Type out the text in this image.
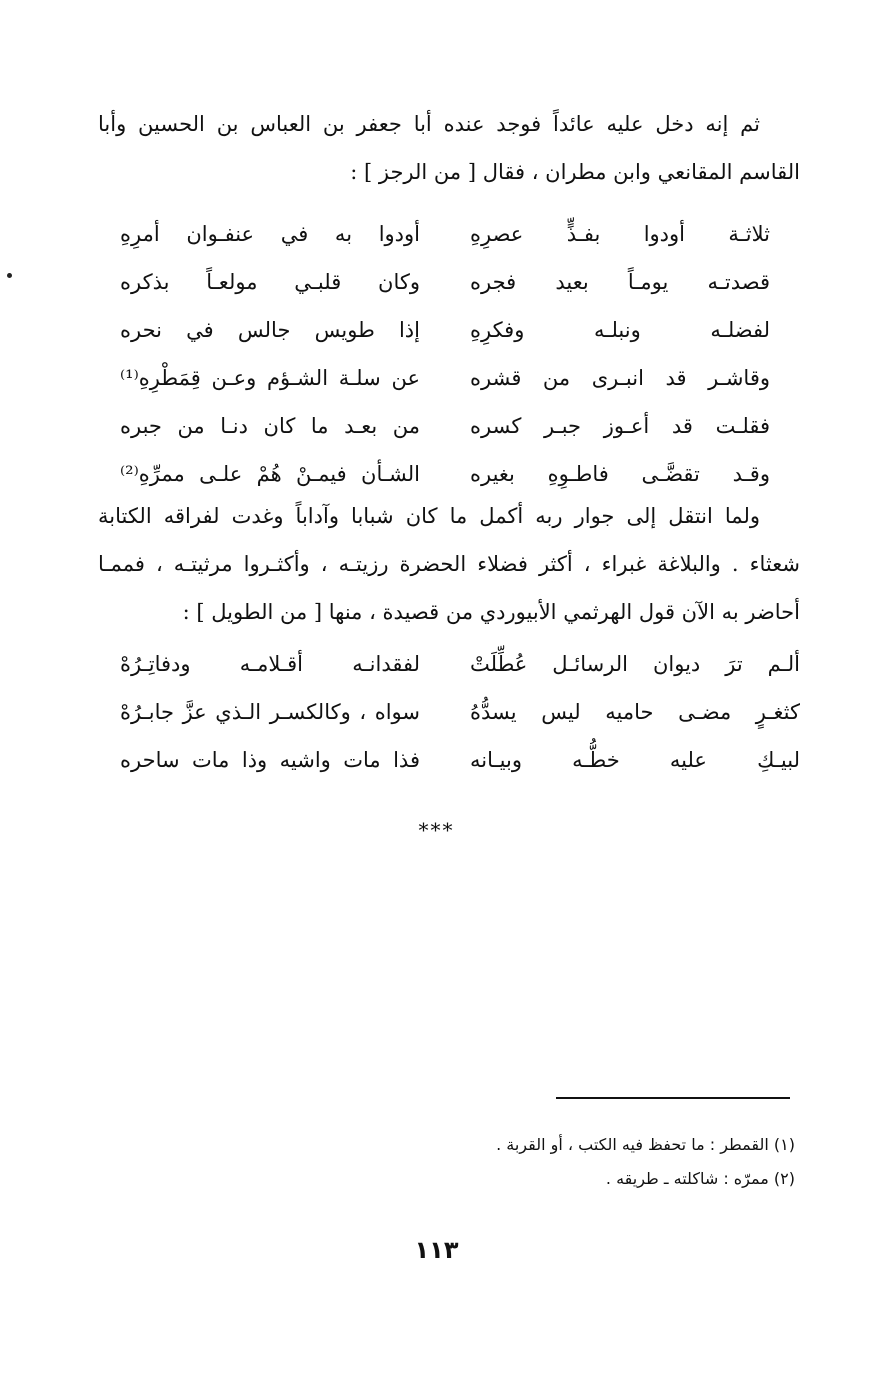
ثم إنه دخل عليه عائداً فوجد عنده أبا جعفر بن العباس بن الحسين وأبا
القاسم المقانعي وابن مطران ، فقال [ من الرجز ] :

ثلاثـة أودوا بفـذٍّ عصرِهِ
أودوا به في عنفـوان أمرِهِ
قصدتـه يومـاً بعيد فجره
وكان قلبـي مولعـاً بذكره
لفضلـه ونبلـه وفكرِهِ
إذا طويس جالس في نحره
وقاشـر قد انبـرى من قشره
عن سلـة الشـؤم وعـن قِمَطْرِهِ⁽¹⁾
فقلـت قد أعـوز جبـر كسره
من بعـد ما كان دنـا من جبره
وقـد تقضَّـى فاطـوِهِ بغيره
الشـأن فيمـنْ هُمْ علـى ممرِّهِ⁽²⁾

ولما انتقل إلى جوار ربه أكمل ما كان شبابا وآداباً وغدت لفراقه الكتابة
شعثاء . والبلاغة غبراء ، أكثر فضلاء الحضرة رزيتـه ، وأكثـروا مرثيتـه ، فممـا
أحاضر به الآن قول الهرثمي الأبيوردي من قصيدة ، منها [ من الطويل ] :

ألـم ترَ ديوان الرسائـل عُطِّلَتْ
لفقدانـه أقـلامـه ودفاتِـرُهْ
كثغـرٍ مضـى حاميه ليس يسدُّهُ
سواه ، وكالكسـر الـذي عزَّ جابـرُهْ
لبيـكِ عليه خطُّـه وبيـانه
فذا مات واشيه وذا مات ساحره
***
(١) القمطر : ما تحفظ فيه الكتب ، أو القربة .
(٢) ممرّه : شاكلته ـ طريقه .
١١٣
